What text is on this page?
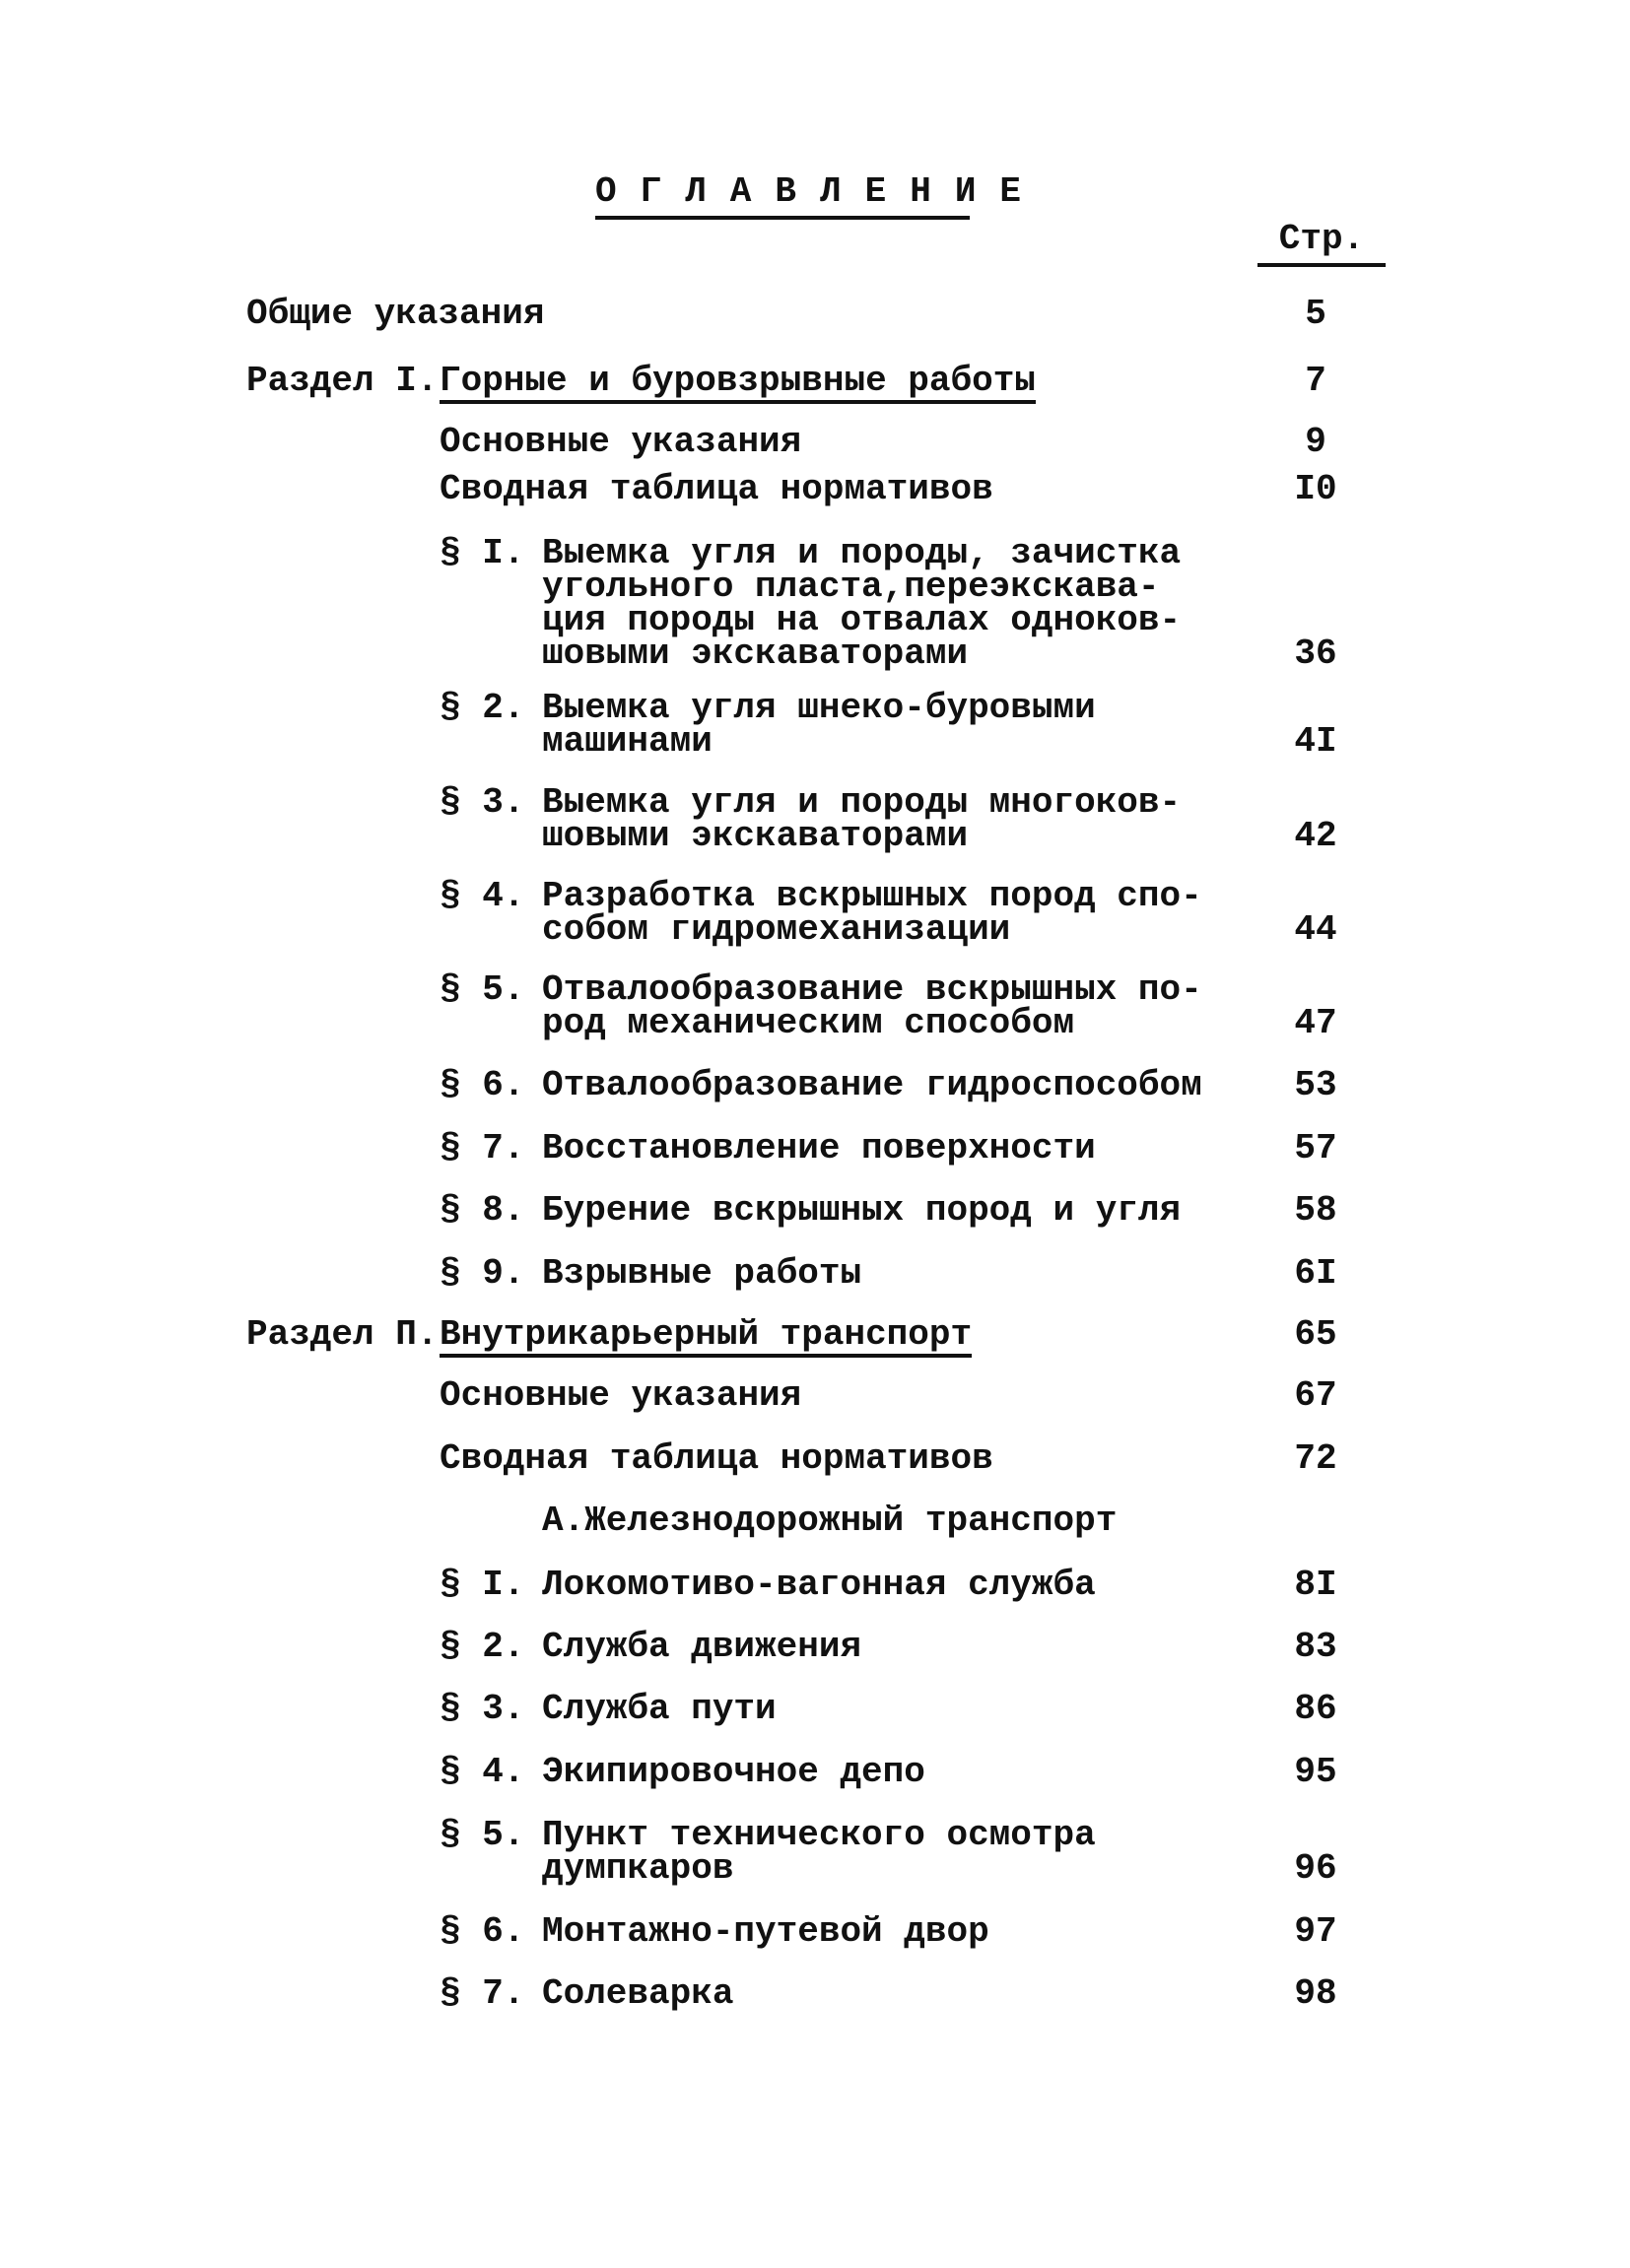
ОГЛАВЛЕНИЕ
Стр.
Общие указания	5
Раздел I. Горные и буровзрывные работы	7
Основные указания	9
Сводная таблица нормативов	I0
§ I. Выемка угля и породы, зачистка
угольного пласта,переэкскава-
ция породы на отвалах одноков-
шовыми экскаваторами	36
§ 2. Выемка угля шнеко-буровыми
машинами	4I
§ 3. Выемка угля и породы многоков-
шовыми экскаваторами	42
§ 4. Разработка вскрышных пород спо-
собом гидромеханизации	44
§ 5. Отвалообразование вскрышных по-
род механическим способом	47
§ 6. Отвалообразование гидроспособом	53
§ 7. Восстановление поверхности	57
§ 8. Бурение вскрышных пород и угля	58
§ 9. Взрывные работы	6I
Раздел П. Внутрикарьерный транспорт	65
Основные указания	67
Сводная таблица нормативов	72
А.Железнодорожный транспорт
§ I. Локомотиво-вагонная служба	8I
§ 2. Служба движения	83
§ 3. Служба пути	86
§ 4. Экипировочное депо	95
§ 5. Пункт технического осмотра
думпкаров	96
§ 6. Монтажно-путевой двор	97
§ 7. Солеварка	98
